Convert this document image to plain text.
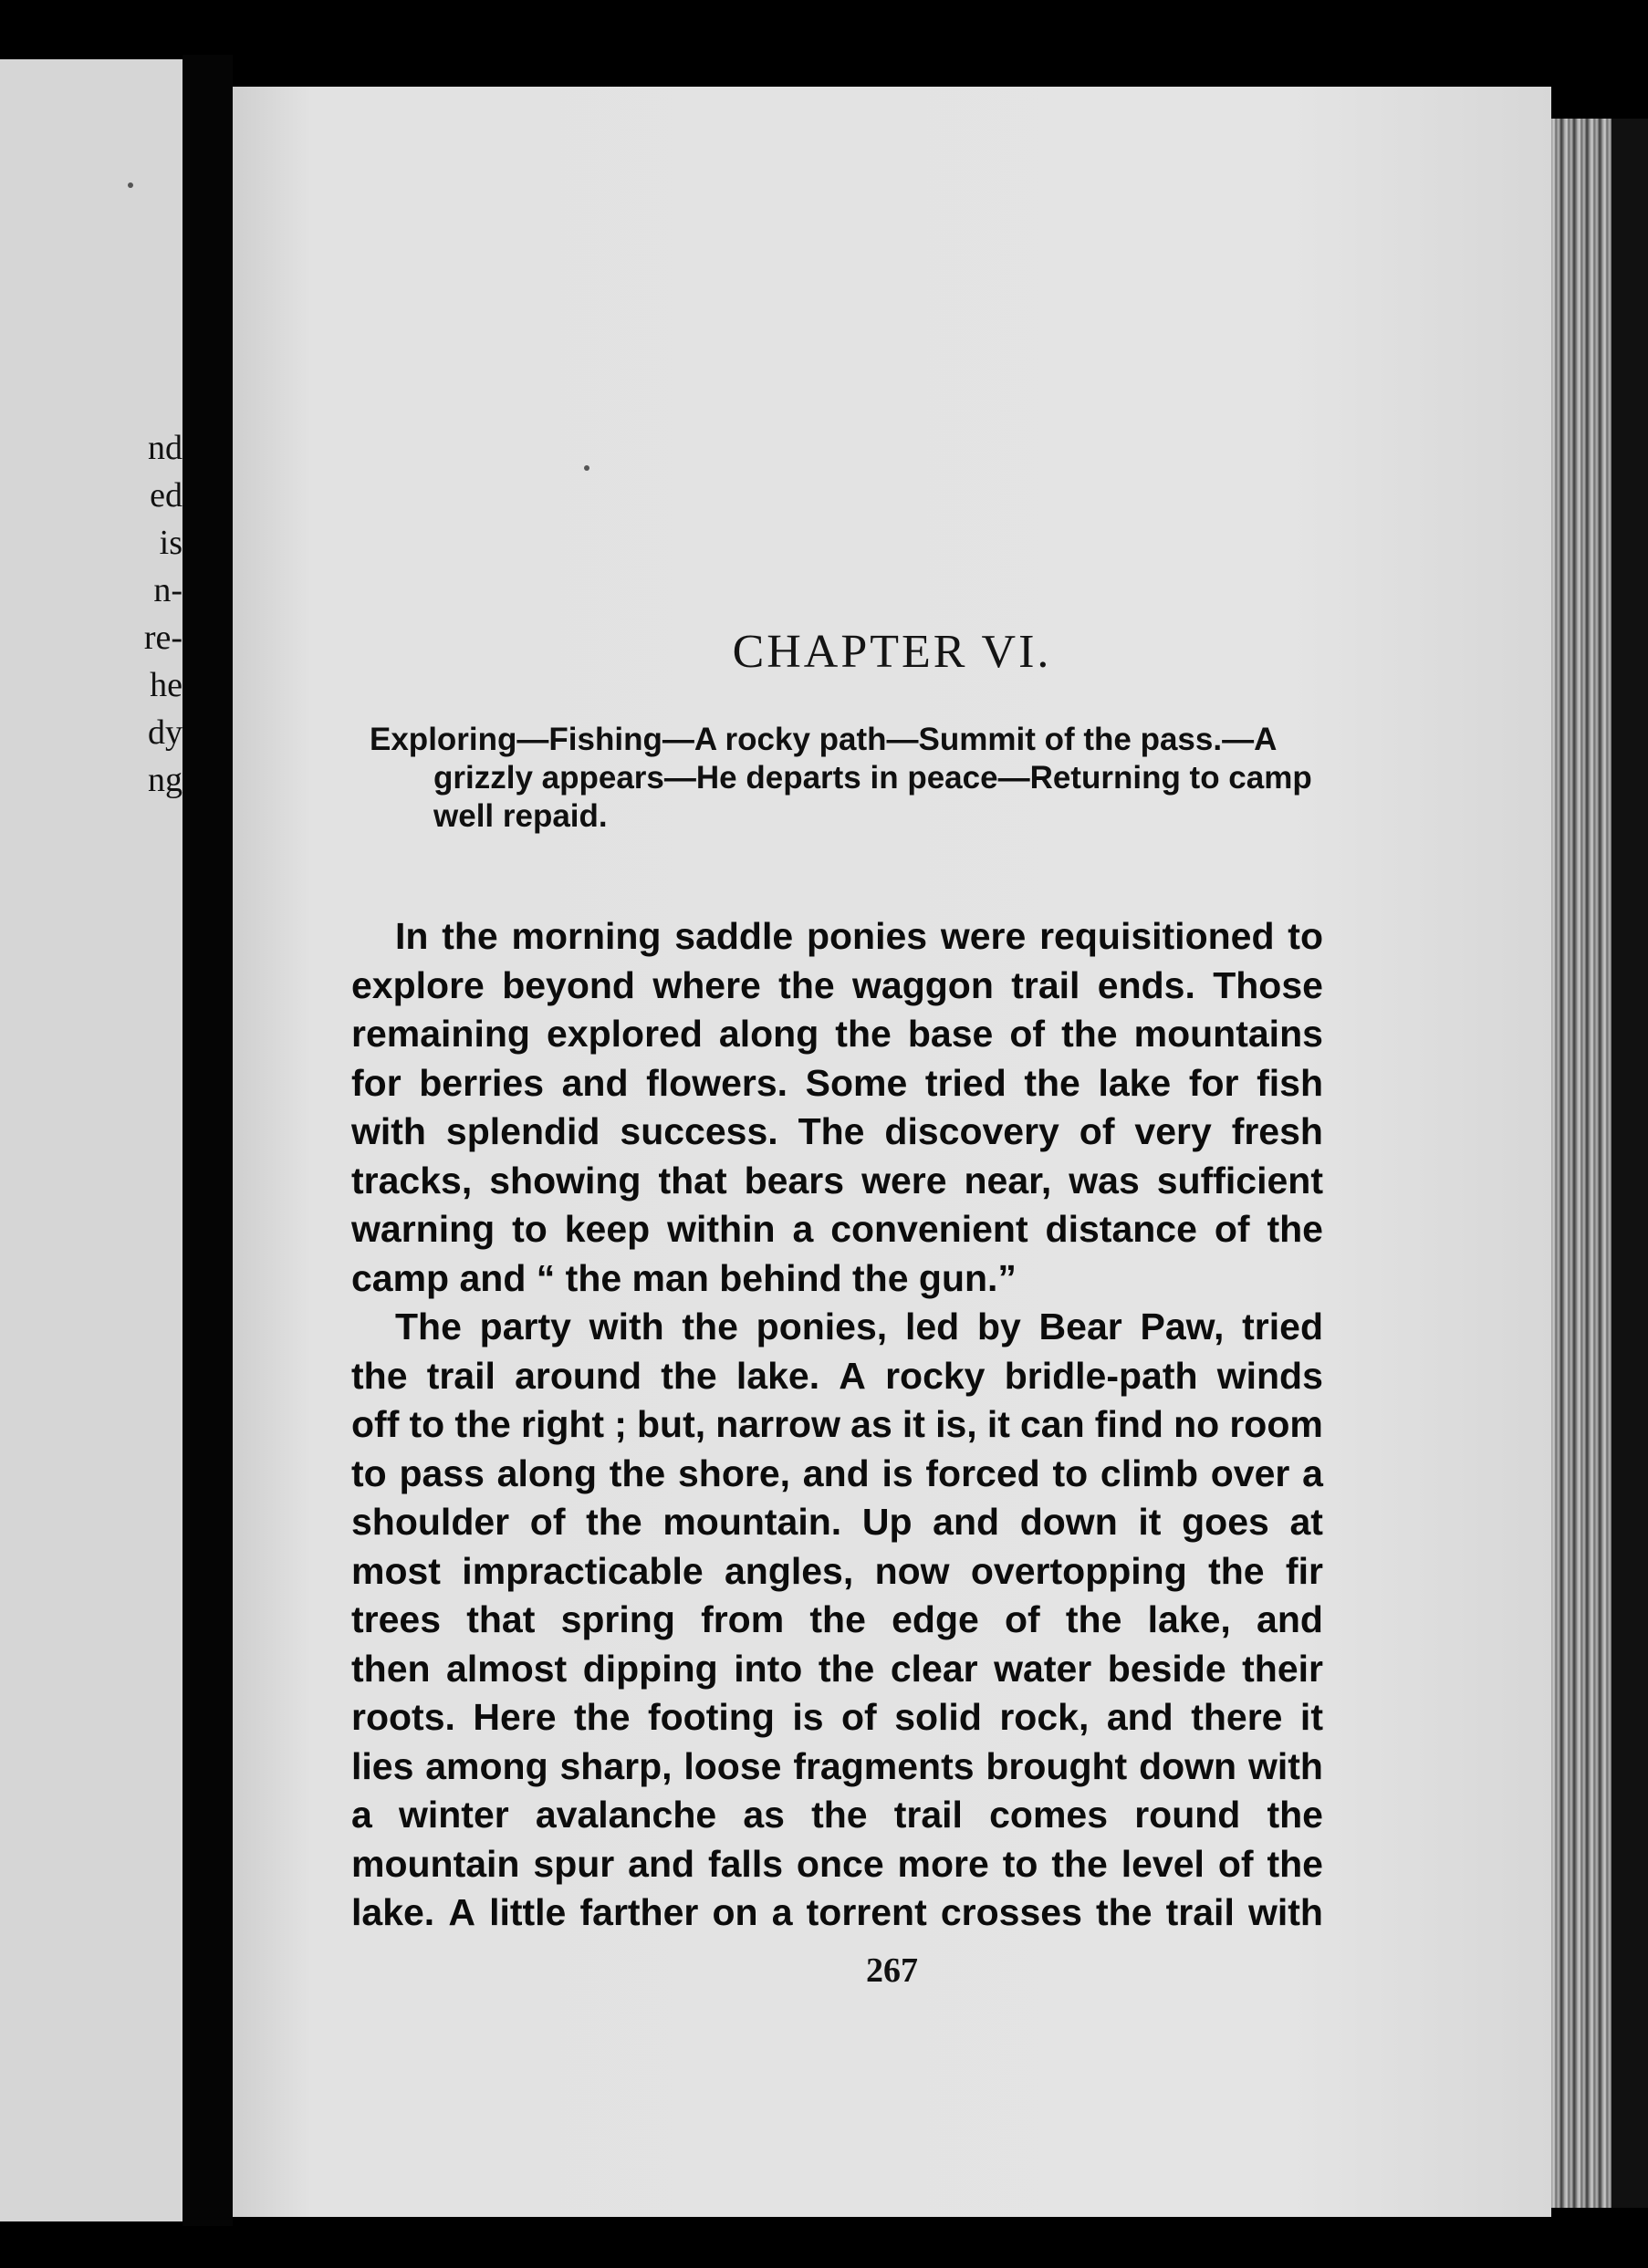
nd
ed
is
n-
re-
he
dy
ng
CHAPTER VI.
Exploring—Fishing—A rocky path—Summit of the pass.—A
grizzly appears—He departs in peace—Returning to camp
well repaid.
In the morning saddle ponies were requisitioned to
explore beyond where the waggon trail ends. Those
remaining explored along the base of the mountains
for berries and flowers. Some tried the lake for fish
with splendid success. The discovery of very fresh
tracks, showing that bears were near, was sufficient
warning to keep within a convenient distance of the
camp and “ the man behind the gun.”
The party with the ponies, led by Bear Paw, tried
the trail around the lake. A rocky bridle-path winds
off to the right ; but, narrow as it is, it can find no room
to pass along the shore, and is forced to climb over a
shoulder of the mountain. Up and down it goes at
most impracticable angles, now overtopping the fir
trees that spring from the edge of the lake, and
then almost dipping into the clear water beside their
roots. Here the footing is of solid rock, and there it
lies among sharp, loose fragments brought down with
a winter avalanche as the trail comes round the
mountain spur and falls once more to the level of the
lake. A little farther on a torrent crosses the trail with
267
